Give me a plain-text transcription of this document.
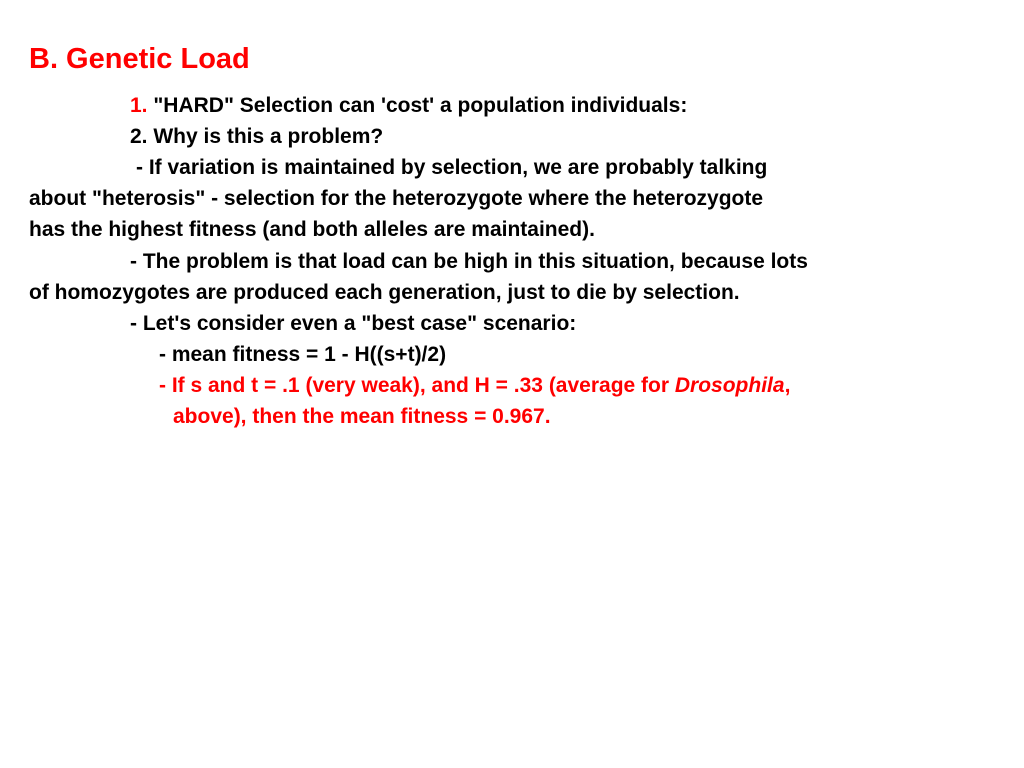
B. Genetic Load
1. "HARD" Selection can 'cost' a population individuals:
2. Why is this a problem?
- If variation is maintained by selection, we are probably talking
about "heterosis" - selection for the heterozygote where the heterozygote
has the highest fitness (and both alleles are maintained).
- The problem is that load can be high in this situation, because lots
of homozygotes are produced each generation, just to die by selection.
- Let's consider even a "best case" scenario:
- mean fitness = 1 - H((s+t)/2)
- If s and t = .1 (very weak), and H = .33 (average for Drosophila,
above), then the mean fitness = 0.967.
